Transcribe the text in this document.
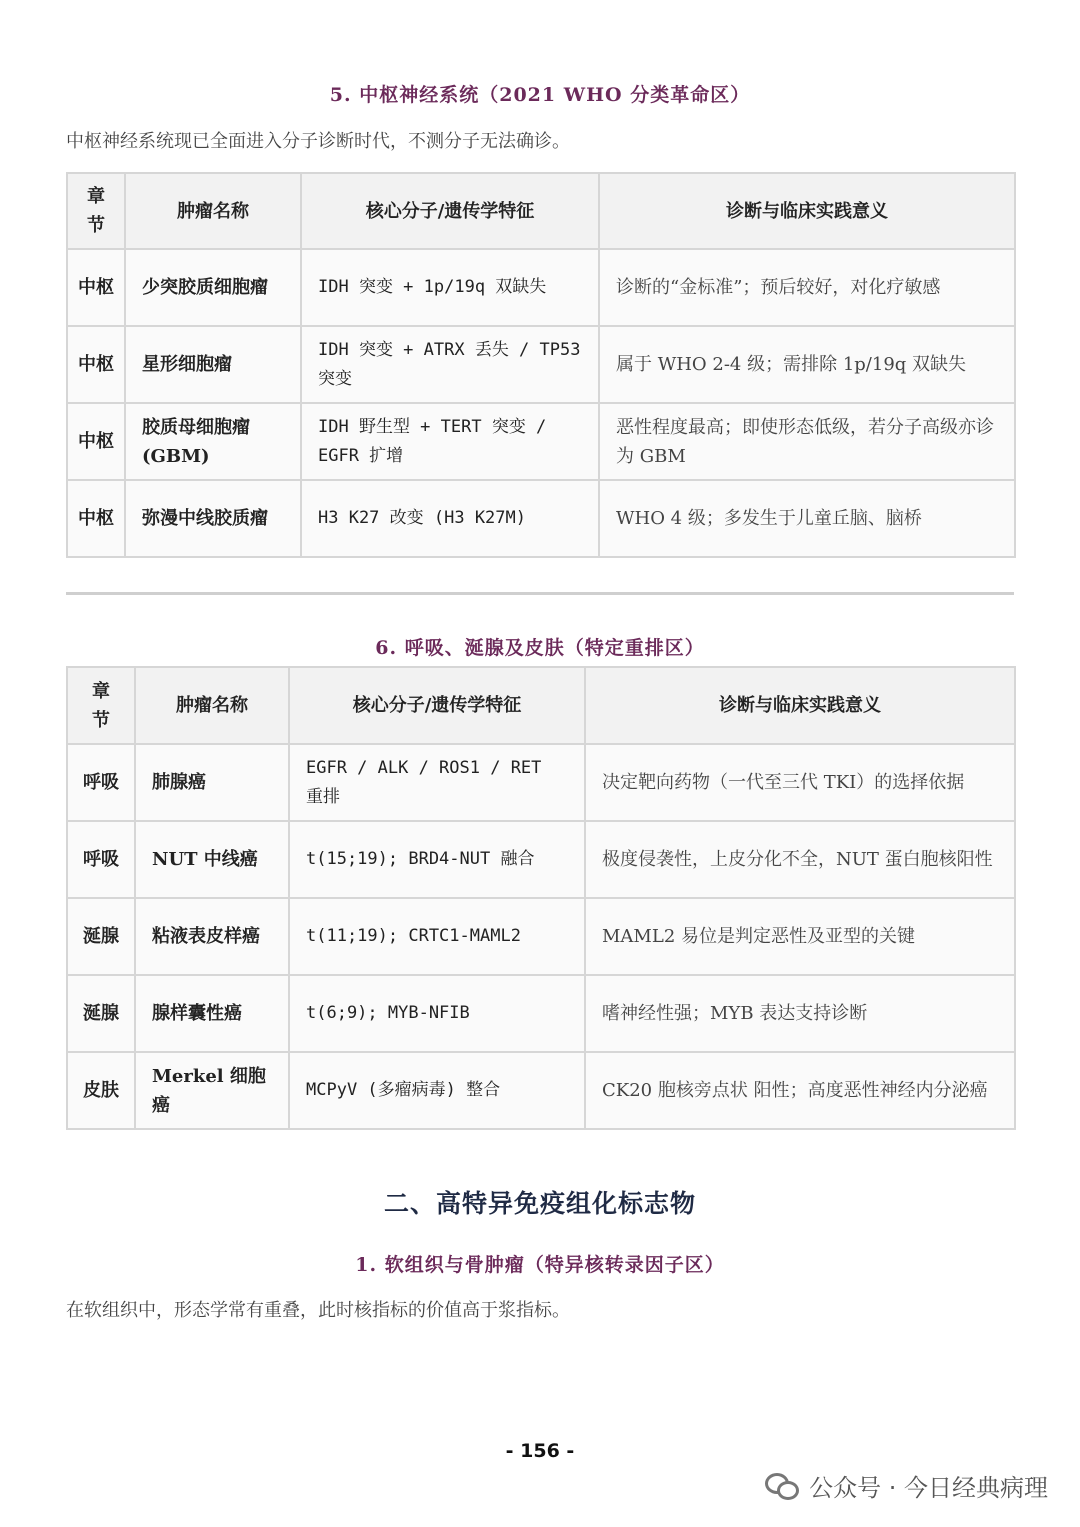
5. 中枢神经系统（2021 WHO 分类革命区）
中枢神经系统现已全面进入分子诊断时代，不测分子无法确诊。
章节	肿瘤名称	核心分子/遗传学特征	诊断与临床实践意义
中枢	少突胶质细胞瘤	IDH 突变 + 1p/19q 双缺失	诊断的“金标准”；预后较好，对化疗敏感
中枢	星形细胞瘤	IDH 突变 + ATRX 丢失 / TP53 突变	属于 WHO 2-4 级；需排除 1p/19q 双缺失
中枢	胶质母细胞瘤(GBM)	IDH 野生型 + TERT 突变 / EGFR 扩增	恶性程度最高；即使形态低级，若分子高级亦诊为 GBM
中枢	弥漫中线胶质瘤	H3 K27 改变 (H3 K27M)	WHO 4 级；多发生于儿童丘脑、脑桥
6. 呼吸、涎腺及皮肤（特定重排区）
章节	肿瘤名称	核心分子/遗传学特征	诊断与临床实践意义
呼吸	肺腺癌	EGFR / ALK / ROS1 / RET 重排	决定靶向药物（一代至三代 TKI）的选择依据
呼吸	NUT 中线癌	t(15;19); BRD4-NUT 融合	极度侵袭性，上皮分化不全，NUT 蛋白胞核阳性
涎腺	粘液表皮样癌	t(11;19); CRTC1-MAML2	MAML2 易位是判定恶性及亚型的关键
涎腺	腺样囊性癌	t(6;9); MYB-NFIB	嗜神经性强；MYB 表达支持诊断
皮肤	Merkel 细胞癌	MCPyV (多瘤病毒) 整合	CK20 胞核旁点状 阳性；高度恶性神经内分泌癌
二、高特异免疫组化标志物
1. 软组织与骨肿瘤（特异核转录因子区）
在软组织中，形态学常有重叠，此时核指标的价值高于浆指标。
- 156 -
公众号 · 今日经典病理
